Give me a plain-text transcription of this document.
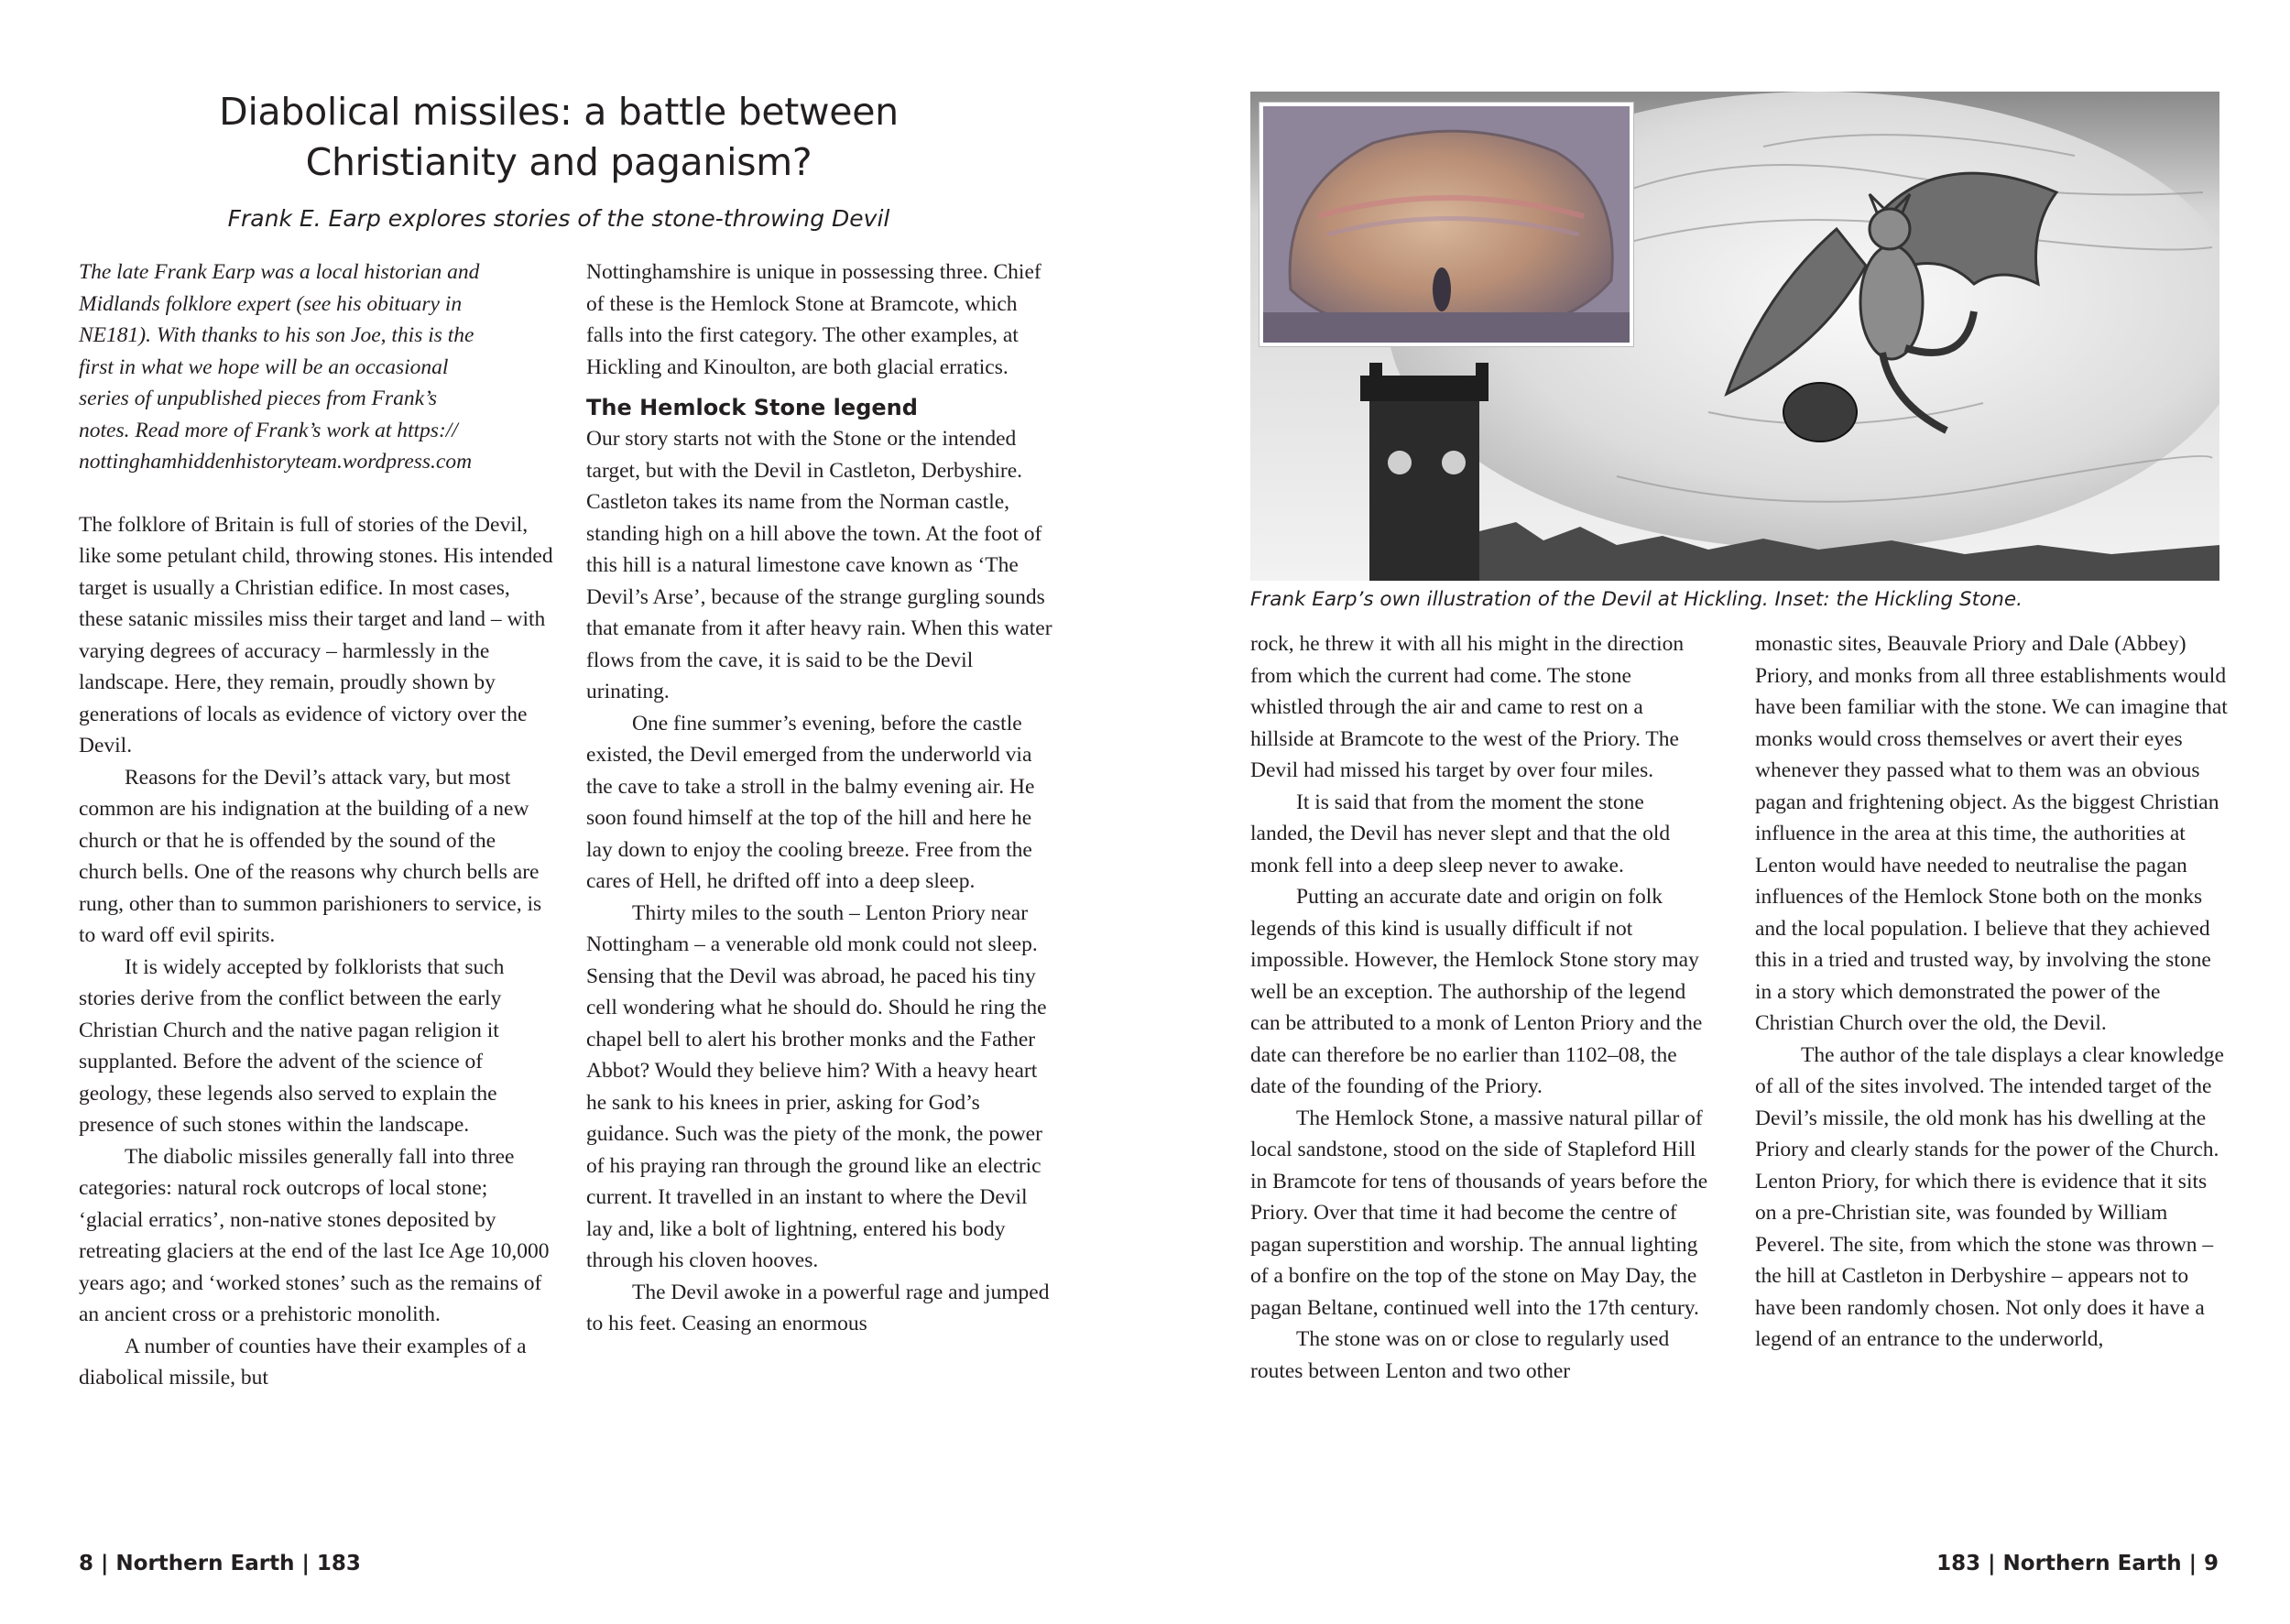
Diabolical missiles: a battle between
Christianity and paganism?

Frank E. Earp explores stories of the stone-throwing Devil

The late Frank Earp was a local historian and

Midlands folklore expert (see his obituary in

NE181). With thanks to his son Joe, this is the

first in what we hope will be an occasional

series of unpublished pieces from Frank’s

notes. Read more of Frank’s work at https://

nottinghamhiddenhistoryteam.wordpress.com

The folklore of Britain is full of stories of the Devil, like some petulant child, throwing stones. His intended target is usually a Christian edifice. In most cases, these satanic missiles miss their target and land – with varying degrees of accuracy – harmlessly in the landscape. Here, they remain, proudly shown by generations of locals as evidence of victory over the Devil.

Reasons for the Devil’s attack vary, but most common are his indignation at the building of a new church or that he is offended by the sound of the church bells. One of the reasons why church bells are rung, other than to summon parishioners to service, is to ward off evil spirits.

It is widely accepted by folklorists that such stories derive from the conflict between the early Christian Church and the native pagan religion it supplanted. Before the advent of the science of geology, these legends also served to explain the presence of such stones within the landscape.

The diabolic missiles generally fall into three categories: natural rock outcrops of local stone; ‘glacial erratics’, non-native stones deposited by retreating glaciers at the end of the last Ice Age 10,000 years ago; and ‘worked stones’ such as the remains of an ancient cross or a prehistoric monolith.

A number of counties have their examples of a diabolical missile, but

Nottinghamshire is unique in possessing three. Chief of these is the Hemlock Stone at Bramcote, which falls into the first category. The other examples, at Hickling and Kinoulton, are both glacial erratics.

The Hemlock Stone legend

Our story starts not with the Stone or the intended target, but with the Devil in Castleton, Derbyshire. Castleton takes its name from the Norman castle, standing high on a hill above the town. At the foot of this hill is a natural limestone cave known as ‘The Devil’s Arse’, because of the strange gurgling sounds that emanate from it after heavy rain. When this water flows from the cave, it is said to be the Devil urinating.

One fine summer’s evening, before the castle existed, the Devil emerged from the underworld via the cave to take a stroll in the balmy evening air. He soon found himself at the top of the hill and here he lay down to enjoy the cooling breeze. Free from the cares of Hell, he drifted off into a deep sleep.

Thirty miles to the south – Lenton Priory near Nottingham – a venerable old monk could not sleep. Sensing that the Devil was abroad, he paced his tiny cell wondering what he should do. Should he ring the chapel bell to alert his brother monks and the Father Abbot? Would they believe him? With a heavy heart he sank to his knees in prier, asking for God’s guidance. Such was the piety of the monk, the power of his praying ran through the ground like an electric current. It travelled in an instant to where the Devil lay and, like a bolt of lightning, entered his body through his cloven hooves.

The Devil awoke in a powerful rage and jumped to his feet. Ceasing an enormous

8 | Northern Earth | 183

Frank Earp’s own illustration of the Devil at Hickling. Inset: the Hickling Stone.

rock, he threw it with all his might in the direction from which the current had come. The stone whistled through the air and came to rest on a hillside at Bramcote to the west of the Priory. The Devil had missed his target by over four miles.

It is said that from the moment the stone landed, the Devil has never slept and that the old monk fell into a deep sleep never to awake.

Putting an accurate date and origin on folk legends of this kind is usually difficult if not impossible. However, the Hemlock Stone story may well be an exception. The authorship of the legend can be attributed to a monk of Lenton Priory and the date can therefore be no earlier than 1102–08, the date of the founding of the Priory.

The Hemlock Stone, a massive natural pillar of local sandstone, stood on the side of Stapleford Hill in Bramcote for tens of thousands of years before the Priory. Over that time it had become the centre of pagan superstition and worship. The annual lighting of a bonfire on the top of the stone on May Day, the pagan Beltane, continued well into the 17th century.

The stone was on or close to regularly used routes between Lenton and two other

monastic sites, Beauvale Priory and Dale (Abbey) Priory, and monks from all three establishments would have been familiar with the stone. We can imagine that monks would cross themselves or avert their eyes whenever they passed what to them was an obvious pagan and frightening object. As the biggest Christian influence in the area at this time, the authorities at Lenton would have needed to neutralise the pagan influences of the Hemlock Stone both on the monks and the local population. I believe that they achieved this in a tried and trusted way, by involving the stone in a story which demonstrated the power of the Christian Church over the old, the Devil.

The author of the tale displays a clear knowledge of all of the sites involved. The intended target of the Devil’s missile, the old monk has his dwelling at the Priory and clearly stands for the power of the Church. Lenton Priory, for which there is evidence that it sits on a pre-Christian site, was founded by William Peverel. The site, from which the stone was thrown – the hill at Castleton in Derbyshire – appears not to have been randomly chosen. Not only does it have a legend of an entrance to the underworld,

183 | Northern Earth | 9
